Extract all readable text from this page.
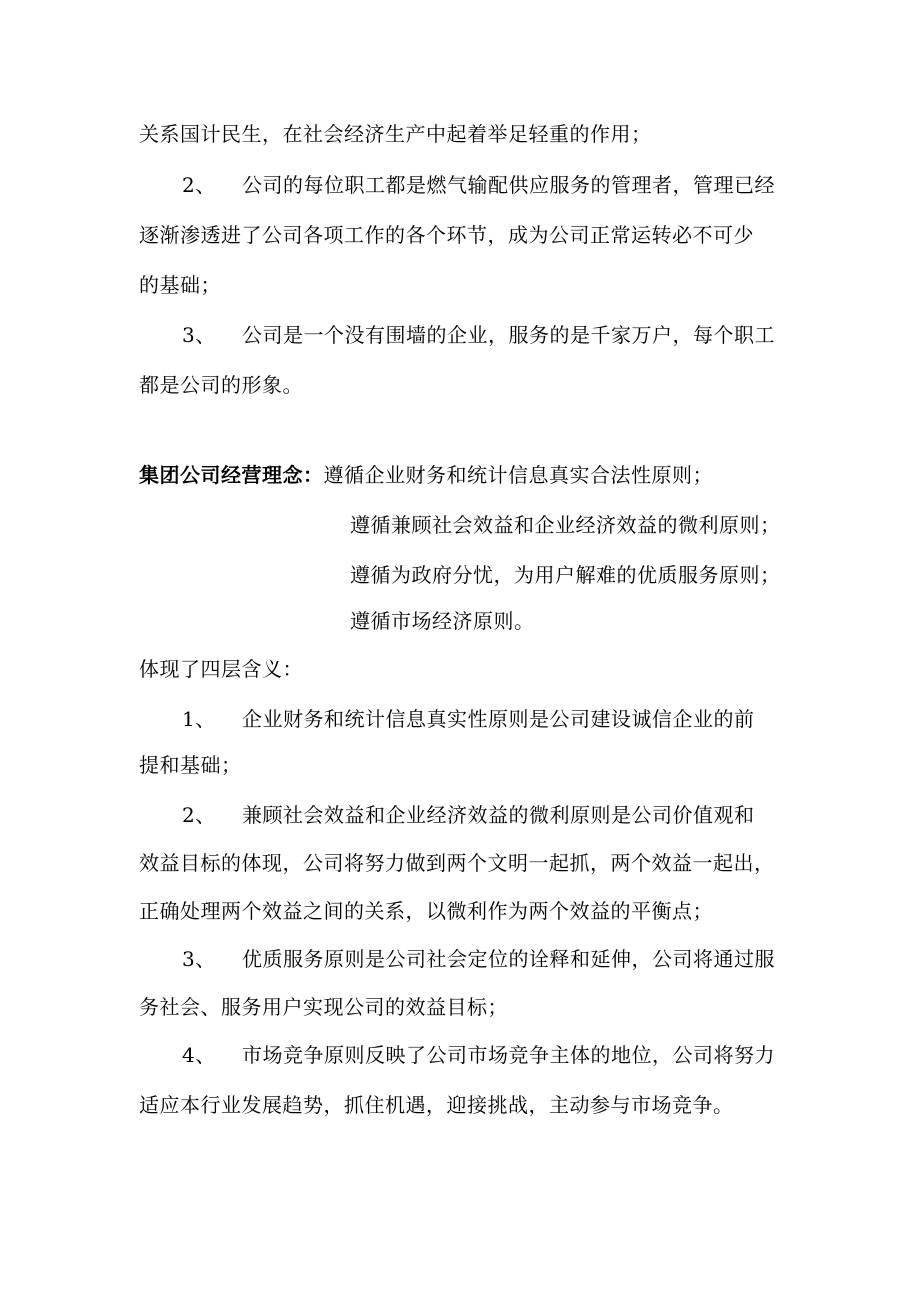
关系国计民生，在社会经济生产中起着举足轻重的作用；
2、 公司的每位职工都是燃气输配供应服务的管理者，管理已经
逐渐渗透进了公司各项工作的各个环节，成为公司正常运转必不可少
的基础；
3、 公司是一个没有围墙的企业，服务的是千家万户，每个职工
都是公司的形象。
集团公司经营理念：遵循企业财务和统计信息真实合法性原则；
遵循兼顾社会效益和企业经济效益的微利原则；
遵循为政府分忧，为用户解难的优质服务原则；
遵循市场经济原则。
体现了四层含义：
1、 企业财务和统计信息真实性原则是公司建设诚信企业的前
提和基础；
2、 兼顾社会效益和企业经济效益的微利原则是公司价值观和
效益目标的体现，公司将努力做到两个文明一起抓，两个效益一起出，
正确处理两个效益之间的关系，以微利作为两个效益的平衡点；
3、 优质服务原则是公司社会定位的诠释和延伸，公司将通过服
务社会、服务用户实现公司的效益目标；
4、 市场竞争原则反映了公司市场竞争主体的地位，公司将努力
适应本行业发展趋势，抓住机遇，迎接挑战，主动参与市场竞争。
